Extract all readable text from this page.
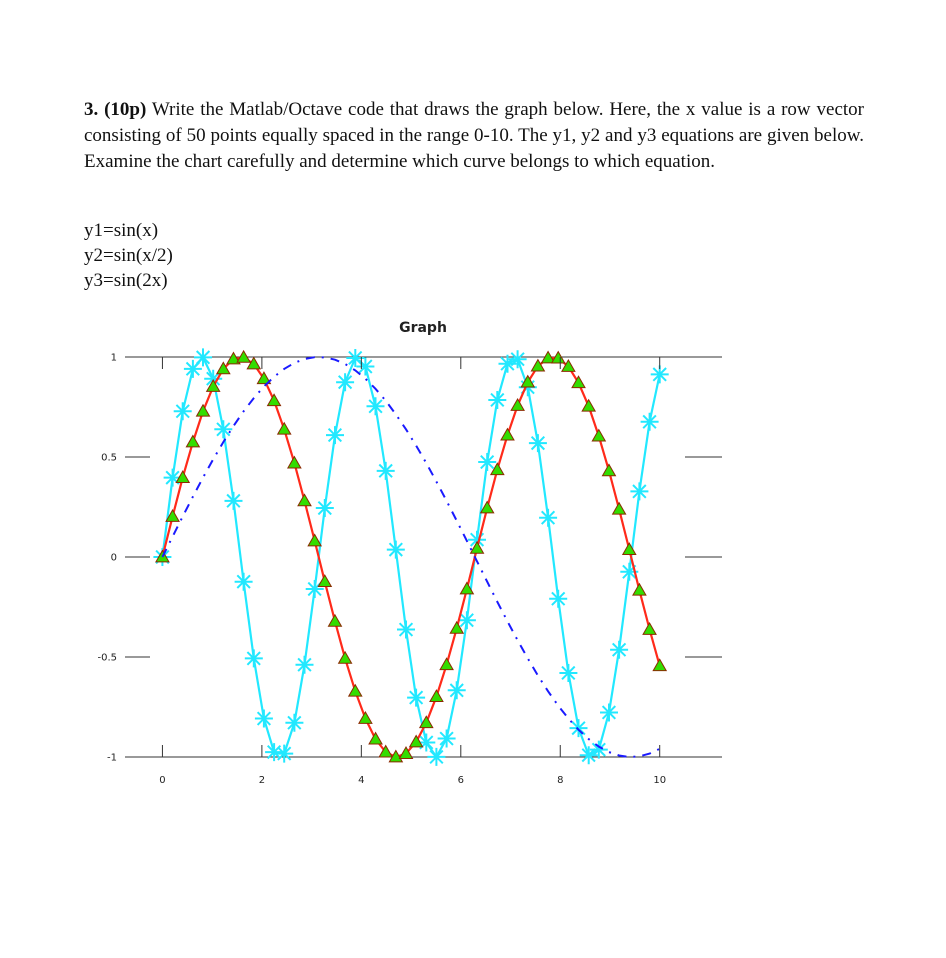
3. (10p) Write the Matlab/Octave code that draws the graph below. Here, the x value is a row vector consisting of 50 points equally spaced in the range 0-10. The y1, y2 and y3 equations are given below. Examine the chart carefully and determine which curve belongs to which equation.
y1=sin(x)
y2=sin(x/2)
y3=sin(2x)
Graph
1
0.5
0
-0.5
-1
0	2	4	6	8	10
